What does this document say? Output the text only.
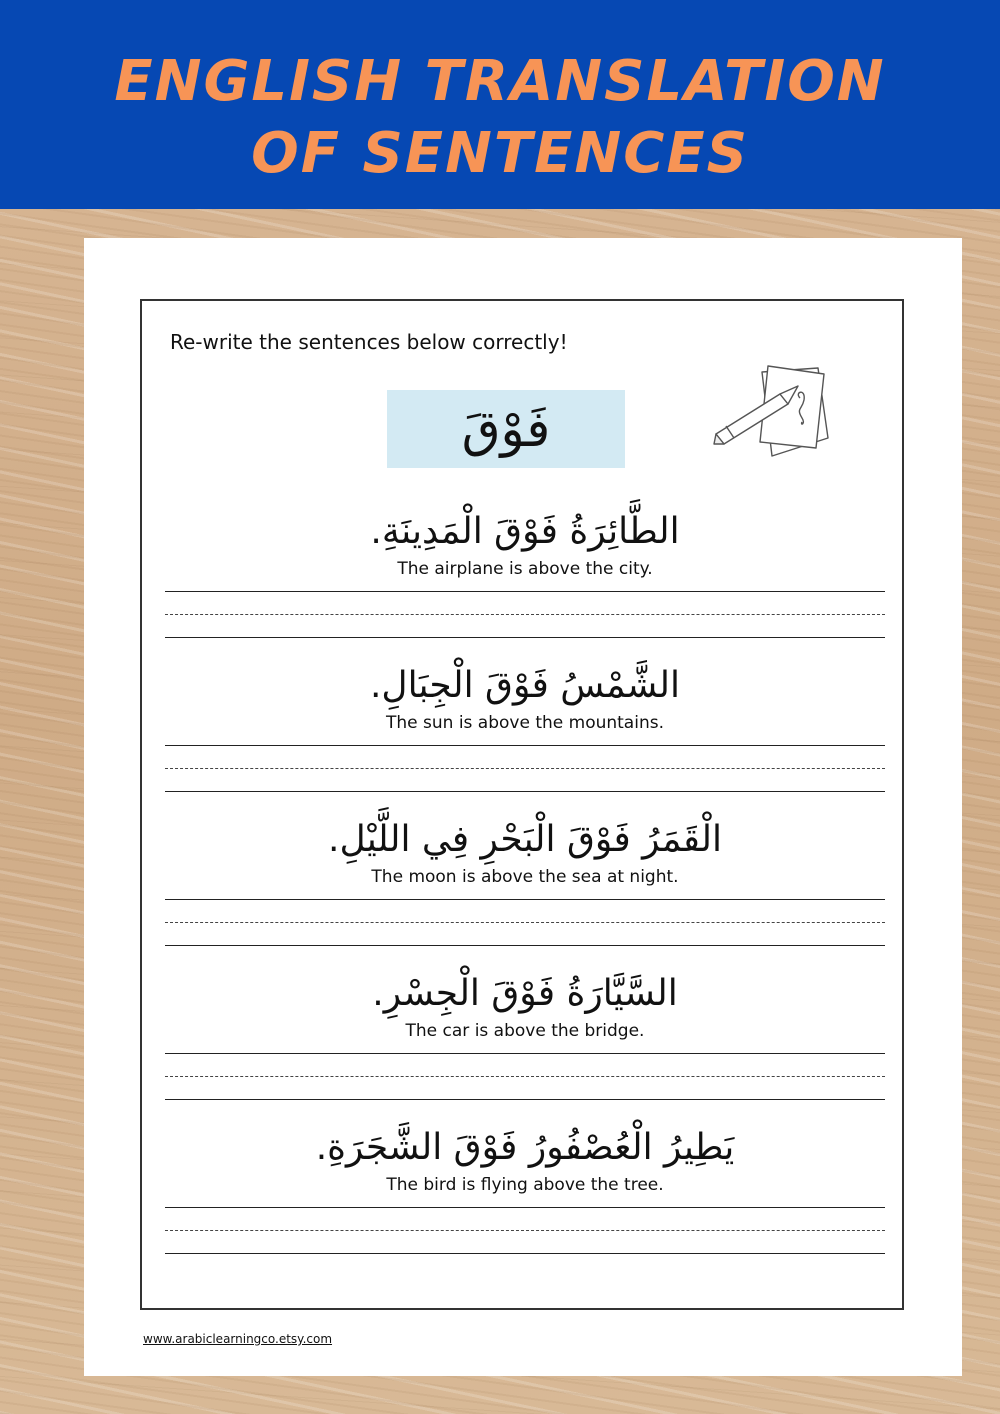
ENGLISH TRANSLATION
OF SENTENCES
Re-write the sentences below correctly!
فَوْقَ
الطَّائِرَةُ فَوْقَ الْمَدِينَةِ.
The airplane is above the city.
الشَّمْسُ فَوْقَ الْجِبَالِ.
The sun is above the mountains.
الْقَمَرُ فَوْقَ الْبَحْرِ فِي اللَّيْلِ.
The moon is above the sea at night.
السَّيَّارَةُ فَوْقَ الْجِسْرِ.
The car is above the bridge.
يَطِيرُ الْعُصْفُورُ فَوْقَ الشَّجَرَةِ.
The bird is flying above the tree.
www.arabiclearningco.etsy.com
